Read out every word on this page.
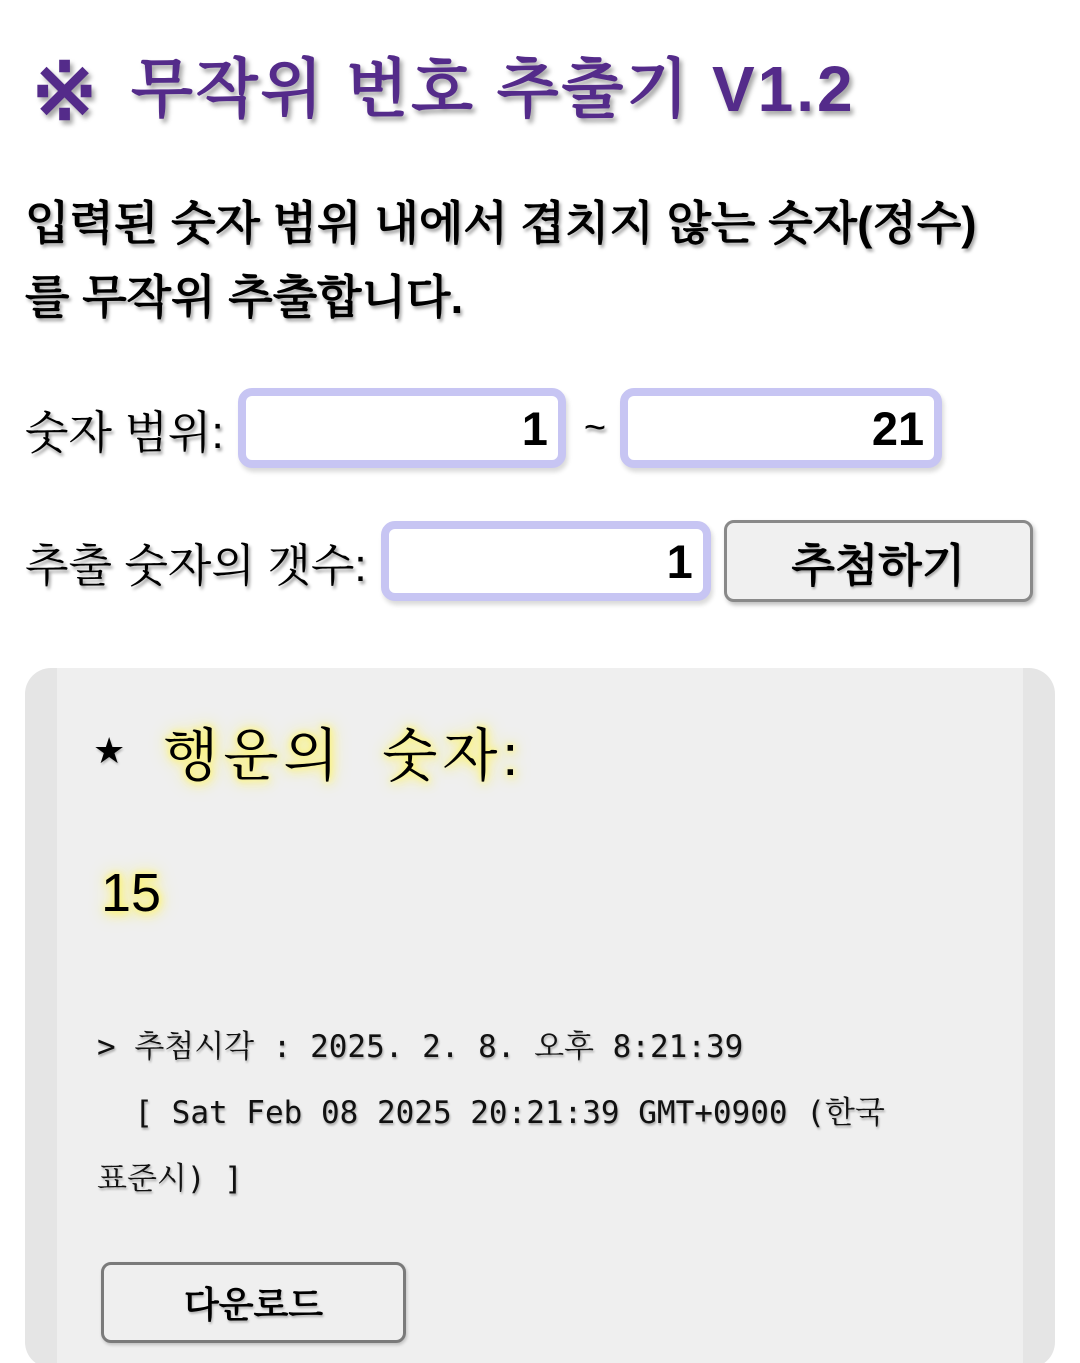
※ 무작위 번호 추출기 V1.2
입력된 숫자 범위 내에서 겹치지 않는 숫자(정수)
를 무작위 추출합니다.
숫자 범위:
1	~
21
추출 숫자의 갯수:
1	추첨하기
★ 행운의 숫자:
15
> 추첨시각 : 2025. 2. 8. 오후 8:21:39
[ Sat Feb 08 2025 20:21:39 GMT+0900 (한국
표준시) ]
다운로드
